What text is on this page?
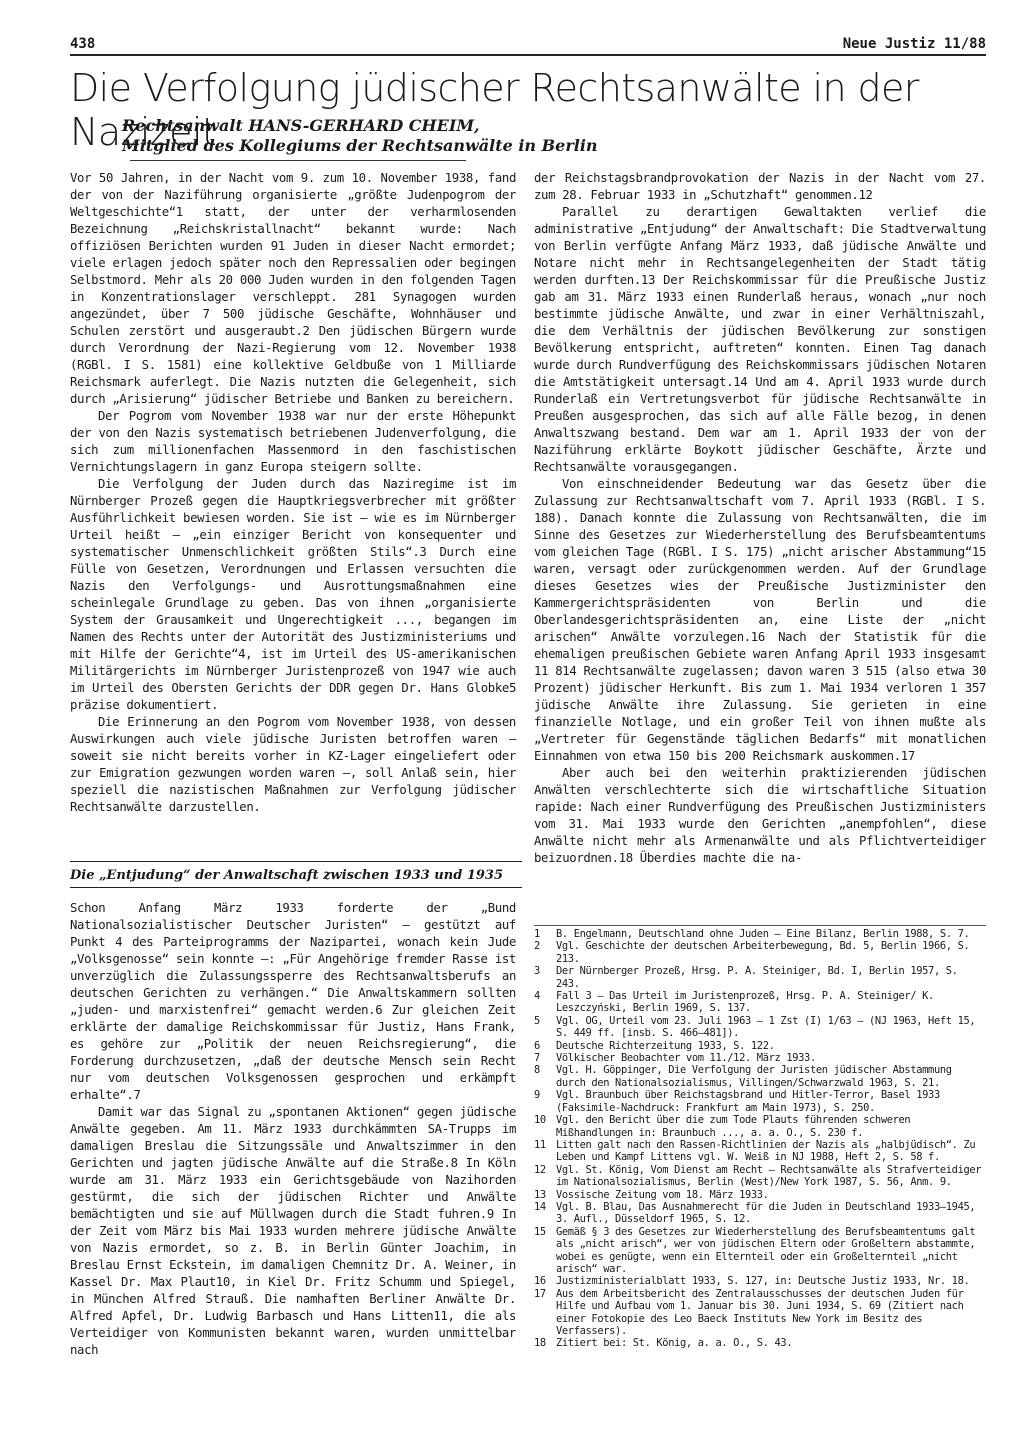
438	Neue Justiz 11/88
Die Verfolgung jüdischer Rechtsanwälte in der Nazizeit
Rechtsanwalt HANS-GERHARD CHEIM,
Mitglied des Kollegiums der Rechtsanwälte in Berlin

Vor 50 Jahren, in der Nacht vom 9. zum 10. November 1938, fand der von der Naziführung organisierte „größte Judenpogrom der Weltgeschichte“1 statt, der unter der verharmlosenden Bezeichnung „Reichskristallnacht“ bekannt wurde: Nach offiziösen Berichten wurden 91 Juden in dieser Nacht ermordet; viele erlagen jedoch später noch den Repressalien oder begingen Selbstmord. Mehr als 20 000 Juden wurden in den folgenden Tagen in Konzentrationslager verschleppt. 281 Synagogen wurden angezündet, über 7 500 jüdische Geschäfte, Wohnhäuser und Schulen zerstört und ausgeraubt.2 Den jüdischen Bürgern wurde durch Verordnung der Nazi-Regierung vom 12. November 1938 (RGBl. I S. 1581) eine kollektive Geldbuße von 1 Milliarde Reichsmark auferlegt. Die Nazis nutzten die Gelegenheit, sich durch „Arisierung“ jüdischer Betriebe und Banken zu bereichern.

Der Pogrom vom November 1938 war nur der erste Höhepunkt der von den Nazis systematisch betriebenen Judenverfolgung, die sich zum millionenfachen Massenmord in den faschistischen Vernichtungslagern in ganz Europa steigern sollte.

Die Verfolgung der Juden durch das Naziregime ist im Nürnberger Prozeß gegen die Hauptkriegsverbrecher mit größter Ausführlichkeit bewiesen worden. Sie ist — wie es im Nürnberger Urteil heißt — „ein einziger Bericht von konsequenter und systematischer Unmenschlichkeit größten Stils“.3 Durch eine Fülle von Gesetzen, Verordnungen und Erlassen versuchten die Nazis den Verfolgungs- und Ausrottungsmaßnahmen eine scheinlegale Grundlage zu geben. Das von ihnen „organisierte System der Grausamkeit und Ungerechtigkeit ..., begangen im Namen des Rechts unter der Autorität des Justizministeriums und mit Hilfe der Gerichte“4, ist im Urteil des US-amerikanischen Militärgerichts im Nürnberger Juristenprozeß von 1947 wie auch im Urteil des Obersten Gerichts der DDR gegen Dr. Hans Globke5 präzise dokumentiert.

Die Erinnerung an den Pogrom vom November 1938, von dessen Auswirkungen auch viele jüdische Juristen betroffen waren — soweit sie nicht bereits vorher in KZ-Lager eingeliefert oder zur Emigration gezwungen worden waren —, soll Anlaß sein, hier speziell die nazistischen Maßnahmen zur Verfolgung jüdischer Rechtsanwälte darzustellen.

Die „Entjudung“ der Anwaltschaft zwischen 1933 und 1935

Schon Anfang März 1933 forderte der „Bund Nationalsozialistischer Deutscher Juristen“ — gestützt auf Punkt 4 des Parteiprogramms der Nazipartei, wonach kein Jude „Volksgenosse“ sein konnte —: „Für Angehörige fremder Rasse ist unverzüglich die Zulassungssperre des Rechtsanwaltsberufs an deutschen Gerichten zu verhängen.“ Die Anwaltskammern sollten „juden- und marxistenfrei“ gemacht werden.6 Zur gleichen Zeit erklärte der damalige Reichskommissar für Justiz, Hans Frank, es gehöre zur „Politik der neuen Reichsregierung“, die Forderung durchzusetzen, „daß der deutsche Mensch sein Recht nur vom deutschen Volksgenossen gesprochen und erkämpft erhalte“.7

Damit war das Signal zu „spontanen Aktionen“ gegen jüdische Anwälte gegeben. Am 11. März 1933 durchkämmten SA-Trupps im damaligen Breslau die Sitzungssäle und Anwaltszimmer in den Gerichten und jagten jüdische Anwälte auf die Straße.8 In Köln wurde am 31. März 1933 ein Gerichtsgebäude von Nazihorden gestürmt, die sich der jüdischen Richter und Anwälte bemächtigten und sie auf Müllwagen durch die Stadt fuhren.9 In der Zeit vom März bis Mai 1933 wurden mehrere jüdische Anwälte von Nazis ermordet, so z. B. in Berlin Günter Joachim, in Breslau Ernst Eckstein, im damaligen Chemnitz Dr. A. Weiner, in Kassel Dr. Max Plaut10, in Kiel Dr. Fritz Schumm und Spiegel, in München Alfred Strauß. Die namhaften Berliner Anwälte Dr. Alfred Apfel, Dr. Ludwig Barbasch und Hans Litten11, die als Verteidiger von Kommunisten bekannt waren, wurden unmittelbar nach

der Reichstagsbrandprovokation der Nazis in der Nacht vom 27. zum 28. Februar 1933 in „Schutzhaft“ genommen.12

Parallel zu derartigen Gewaltakten verlief die administrative „Entjudung“ der Anwaltschaft: Die Stadtverwaltung von Berlin verfügte Anfang März 1933, daß jüdische Anwälte und Notare nicht mehr in Rechtsangelegenheiten der Stadt tätig werden durften.13 Der Reichskommissar für die Preußische Justiz gab am 31. März 1933 einen Runderlaß heraus, wonach „nur noch bestimmte jüdische Anwälte, und zwar in einer Verhältniszahl, die dem Verhältnis der jüdischen Bevölkerung zur sonstigen Bevölkerung entspricht, auftreten“ konnten. Einen Tag danach wurde durch Rundverfügung des Reichskommissars jüdischen Notaren die Amtstätigkeit untersagt.14 Und am 4. April 1933 wurde durch Runderlaß ein Vertretungsverbot für jüdische Rechtsanwälte in Preußen ausgesprochen, das sich auf alle Fälle bezog, in denen Anwaltszwang bestand. Dem war am 1. April 1933 der von der Naziführung erklärte Boykott jüdischer Geschäfte, Ärzte und Rechtsanwälte vorausgegangen.

Von einschneidender Bedeutung war das Gesetz über die Zulassung zur Rechtsanwaltschaft vom 7. April 1933 (RGBl. I S. 188). Danach konnte die Zulassung von Rechtsanwälten, die im Sinne des Gesetzes zur Wiederherstellung des Berufsbeamtentums vom gleichen Tage (RGBl. I S. 175) „nicht arischer Abstammung“15 waren, versagt oder zurückgenommen werden. Auf der Grundlage dieses Gesetzes wies der Preußische Justizminister den Kammergerichtspräsidenten von Berlin und die Oberlandesgerichtspräsidenten an, eine Liste der „nicht arischen“ Anwälte vorzulegen.16 Nach der Statistik für die ehemaligen preußischen Gebiete waren Anfang April 1933 insgesamt 11 814 Rechtsanwälte zugelassen; davon waren 3 515 (also etwa 30 Prozent) jüdischer Herkunft. Bis zum 1. Mai 1934 verloren 1 357 jüdische Anwälte ihre Zulassung. Sie gerieten in eine finanzielle Notlage, und ein großer Teil von ihnen mußte als „Vertreter für Gegenstände täglichen Bedarfs“ mit monatlichen Einnahmen von etwa 150 bis 200 Reichsmark auskommen.17

Aber auch bei den weiterhin praktizierenden jüdischen Anwälten verschlechterte sich die wirtschaftliche Situation rapide: Nach einer Rundverfügung des Preußischen Justizministers vom 31. Mai 1933 wurde den Gerichten „anempfohlen“, diese Anwälte nicht mehr als Armenanwälte und als Pflichtverteidiger beizuordnen.18 Überdies machte die na-

1	B. Engelmann, Deutschland ohne Juden — Eine Bilanz, Berlin 1988, S. 7.
2	Vgl. Geschichte der deutschen Arbeiterbewegung, Bd. 5, Berlin 1966, S. 213.
3	Der Nürnberger Prozeß, Hrsg. P. A. Steiniger, Bd. I, Berlin 1957, S. 243.
4	Fall 3 — Das Urteil im Juristenprozeß, Hrsg. P. A. Steiniger/ K. Leszczyński, Berlin 1969, S. 137.
5	Vgl. OG, Urteil vom 23. Juli 1963 — 1 Zst (I) 1/63 — (NJ 1963, Heft 15, S. 449 ff. [insb. S. 466—481]).
6	Deutsche Richterzeitung 1933, S. 122.
7	Völkischer Beobachter vom 11./12. März 1933.
8	Vgl. H. Göppinger, Die Verfolgung der Juristen jüdischer Abstammung durch den Nationalsozialismus, Villingen/Schwarzwald 1963, S. 21.
9	Vgl. Braunbuch über Reichstagsbrand und Hitler-Terror, Basel 1933 (Faksimile-Nachdruck: Frankfurt am Main 1973), S. 250.
10 Vgl. den Bericht über die zum Tode Plauts führenden schweren Mißhandlungen in: Braunbuch ..., a. a. O., S. 230 f.
11 Litten galt nach den Rassen-Richtlinien der Nazis als „halbjüdisch“. Zu Leben und Kampf Littens vgl. W. Weiß in NJ 1988, Heft 2, S. 58 f.
12 Vgl. St. König, Vom Dienst am Recht — Rechtsanwälte als Strafverteidiger im Nationalsozialismus, Berlin (West)/New York 1987, S. 56, Anm. 9.
13 Vossische Zeitung vom 18. März 1933.
14 Vgl. B. Blau, Das Ausnahmerecht für die Juden in Deutschland 1933—1945, 3. Aufl., Düsseldorf 1965, S. 12.
15 Gemäß § 3 des Gesetzes zur Wiederherstellung des Berufsbeamtentums galt als „nicht arisch“, wer von jüdischen Eltern oder Großeltern abstammte, wobei es genügte, wenn ein Elternteil oder ein Großelternteil „nicht arisch“ war.
16 Justizministerialblatt 1933, S. 127, in: Deutsche Justiz 1933, Nr. 18.
17 Aus dem Arbeitsbericht des Zentralausschusses der deutschen Juden für Hilfe und Aufbau vom 1. Januar bis 30. Juni 1934, S. 69 (Zitiert nach einer Fotokopie des Leo Baeck Instituts New York im Besitz des Verfassers).
18 Zitiert bei: St. König, a. a. O., S. 43.
